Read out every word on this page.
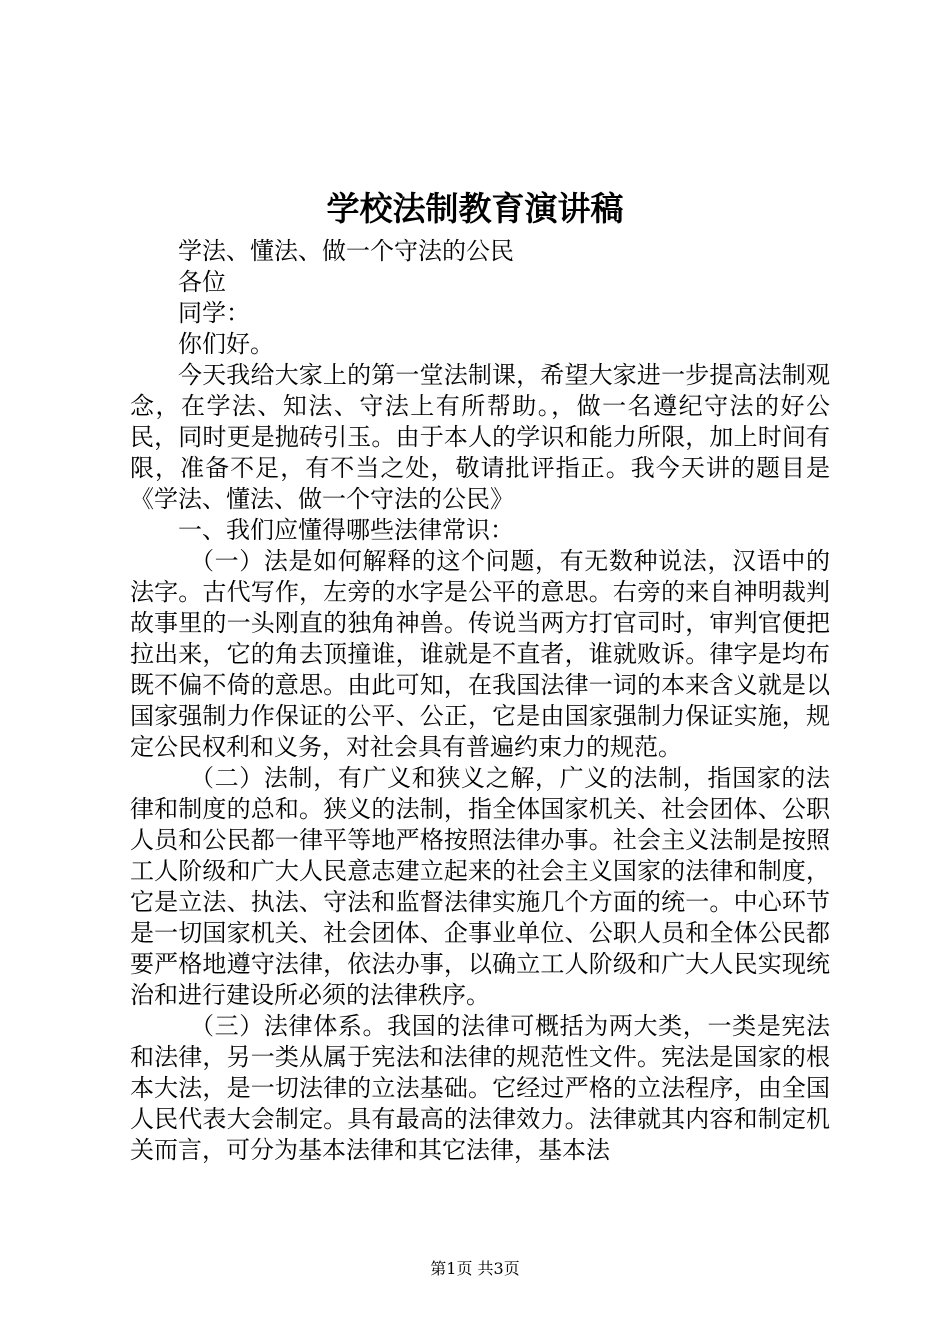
学校法制教育演讲稿

学法、懂法、做一个守法的公民

各位

同学：

你们好。

今天我给大家上的第一堂法制课，希望大家进一步提高法制观念，在学法、知法、守法上有所帮助。，做一名遵纪守法的好公民，同时更是抛砖引玉。由于本人的学识和能力所限，加上时间有限，准备不足，有不当之处，敬请批评指正。我今天讲的题目是《学法、懂法、做一个守法的公民》

一、我们应懂得哪些法律常识：

（一）法是如何解释的这个问题，有无数种说法，汉语中的法字。古代写作，左旁的水字是公平的意思。右旁的来自神明裁判故事里的一头刚直的独角神兽。传说当两方打官司时，审判官便把拉出来，它的角去顶撞谁，谁就是不直者，谁就败诉。律字是均布既不偏不倚的意思。由此可知，在我国法律一词的本来含义就是以国家强制力作保证的公平、公正，它是由国家强制力保证实施，规定公民权利和义务，对社会具有普遍约束力的规范。

（二）法制，有广义和狭义之解，广义的法制，指国家的法律和制度的总和。狭义的法制，指全体国家机关、社会团体、公职人员和公民都一律平等地严格按照法律办事。社会主义法制是按照工人阶级和广大人民意志建立起来的社会主义国家的法律和制度，它是立法、执法、守法和监督法律实施几个方面的统一。中心环节是一切国家机关、社会团体、企事业单位、公职人员和全体公民都要严格地遵守法律，依法办事，以确立工人阶级和广大人民实现统治和进行建设所必须的法律秩序。

（三）法律体系。我国的法律可概括为两大类，一类是宪法和法律，另一类从属于宪法和法律的规范性文件。宪法是国家的根本大法，是一切法律的立法基础。它经过严格的立法程序，由全国人民代表大会制定。具有最高的法律效力。法律就其内容和制定机关而言，可分为基本法律和其它法律，基本法

第1页 共3页
